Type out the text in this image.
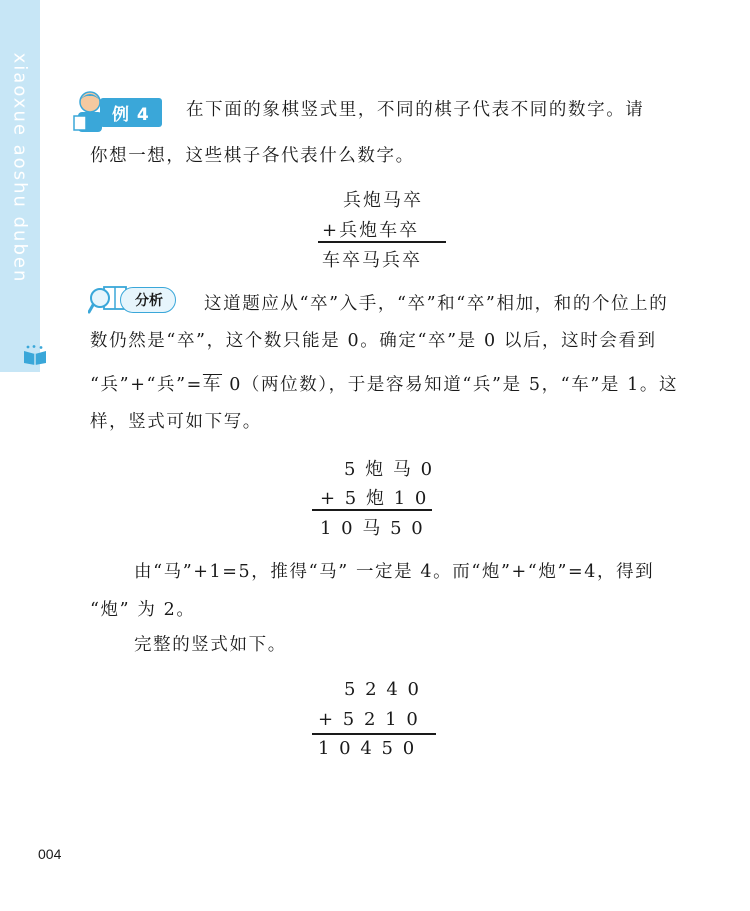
xiaoxue aoshu duben	例 4	在下面的象棋竖式里，不同的棋子代表不同的数字。请
你想一想，这些棋子各代表什么数字。
兵炮马卒
+兵炮车卒
车卒马兵卒
分析	这道题应从“卒”入手，“卒”和“卒”相加，和的个位上的
数仍然是“卒”，这个数只能是 0。确定“卒”是 0 以后，这时会看到
“兵”+“兵”=车 0（两位数），于是容易知道“兵”是 5，“车”是 1。这
样，竖式可如下写。
5 炮 马 0
+ 5 炮 1 0
1 0 马 5 0
由“马”+1=5，推得“马” 一定是 4。而“炮”+“炮”=4，得到
“炮” 为 2。
完整的竖式如下。
5 2 4 0
+ 5 2 1 0
1 0 4 5 0
004
